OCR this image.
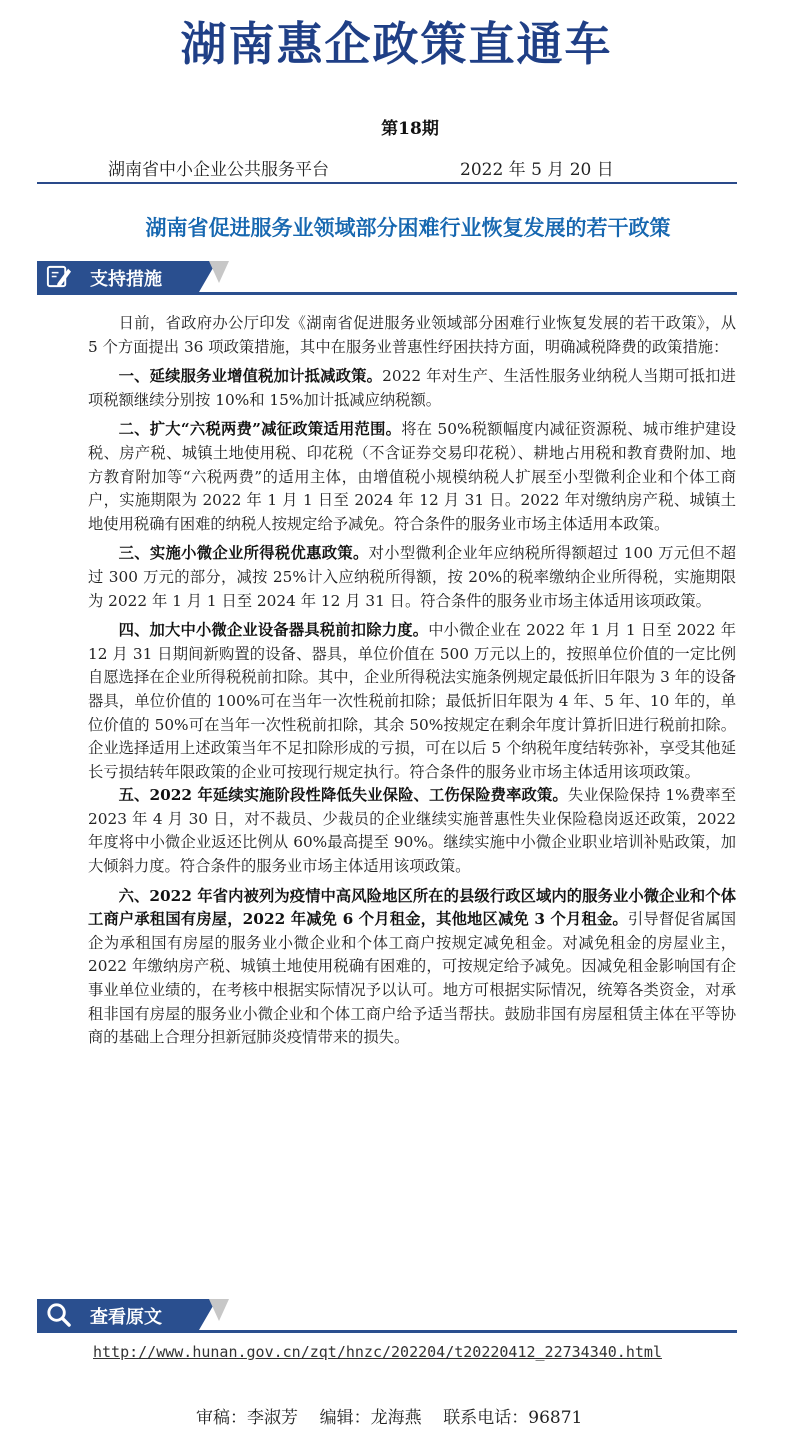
湖南惠企政策直通车
第18期
湖南省中小企业公共服务平台	2022 年 5 月 20 日
湖南省促进服务业领域部分困难行业恢复发展的若干政策
支持措施

日前，省政府办公厅印发《湖南省促进服务业领域部分困难行业恢复发展的若干政策》，从 5 个方面提出 36 项政策措施，其中在服务业普惠性纾困扶持方面，明确减税降费的政策措施：

一、延续服务业增值税加计抵减政策。2022 年对生产、生活性服务业纳税人当期可抵扣进项税额继续分别按 10%和 15%加计抵减应纳税额。

二、扩大“六税两费”减征政策适用范围。将在 50%税额幅度内减征资源税、城市维护建设税、房产税、城镇土地使用税、印花税（不含证券交易印花税）、耕地占用税和教育费附加、地方教育附加等“六税两费”的适用主体，由增值税小规模纳税人扩展至小型微利企业和个体工商户，实施期限为 2022 年 1 月 1 日至 2024 年 12 月 31 日。2022 年对缴纳房产税、城镇土地使用税确有困难的纳税人按规定给予减免。符合条件的服务业市场主体适用本政策。

三、实施小微企业所得税优惠政策。对小型微利企业年应纳税所得额超过 100 万元但不超过 300 万元的部分，减按 25%计入应纳税所得额，按 20%的税率缴纳企业所得税，实施期限为 2022 年 1 月 1 日至 2024 年 12 月 31 日。符合条件的服务业市场主体适用该项政策。

四、加大中小微企业设备器具税前扣除力度。中小微企业在 2022 年 1 月 1 日至 2022 年 12 月 31 日期间新购置的设备、器具，单位价值在 500 万元以上的，按照单位价值的一定比例自愿选择在企业所得税税前扣除。其中，企业所得税法实施条例规定最低折旧年限为 3 年的设备器具，单位价值的 100%可在当年一次性税前扣除；最低折旧年限为 4 年、5 年、10 年的，单位价值的 50%可在当年一次性税前扣除，其余 50%按规定在剩余年度计算折旧进行税前扣除。企业选择适用上述政策当年不足扣除形成的亏损，可在以后 5 个纳税年度结转弥补，享受其他延长亏损结转年限政策的企业可按现行规定执行。符合条件的服务业市场主体适用该项政策。

五、2022 年延续实施阶段性降低失业保险、工伤保险费率政策。失业保险保持 1%费率至 2023 年 4 月 30 日，对不裁员、少裁员的企业继续实施普惠性失业保险稳岗返还政策，2022 年度将中小微企业返还比例从 60%最高提至 90%。继续实施中小微企业职业培训补贴政策，加大倾斜力度。符合条件的服务业市场主体适用该项政策。

六、2022 年省内被列为疫情中高风险地区所在的县级行政区域内的服务业小微企业和个体工商户承租国有房屋，2022 年减免 6 个月租金，其他地区减免 3 个月租金。引导督促省属国企为承租国有房屋的服务业小微企业和个体工商户按规定减免租金。对减免租金的房屋业主，2022 年缴纳房产税、城镇土地使用税确有困难的，可按规定给予减免。因减免租金影响国有企事业单位业绩的，在考核中根据实际情况予以认可。地方可根据实际情况，统筹各类资金，对承租非国有房屋的服务业小微企业和个体工商户给予适当帮扶。鼓励非国有房屋租赁主体在平等协商的基础上合理分担新冠肺炎疫情带来的损失。

查看原文
http://www.hunan.gov.cn/zqt/hnzc/202204/t20220412_22734340.html
审稿：李淑芳 编辑：龙海燕 联系电话：96871
